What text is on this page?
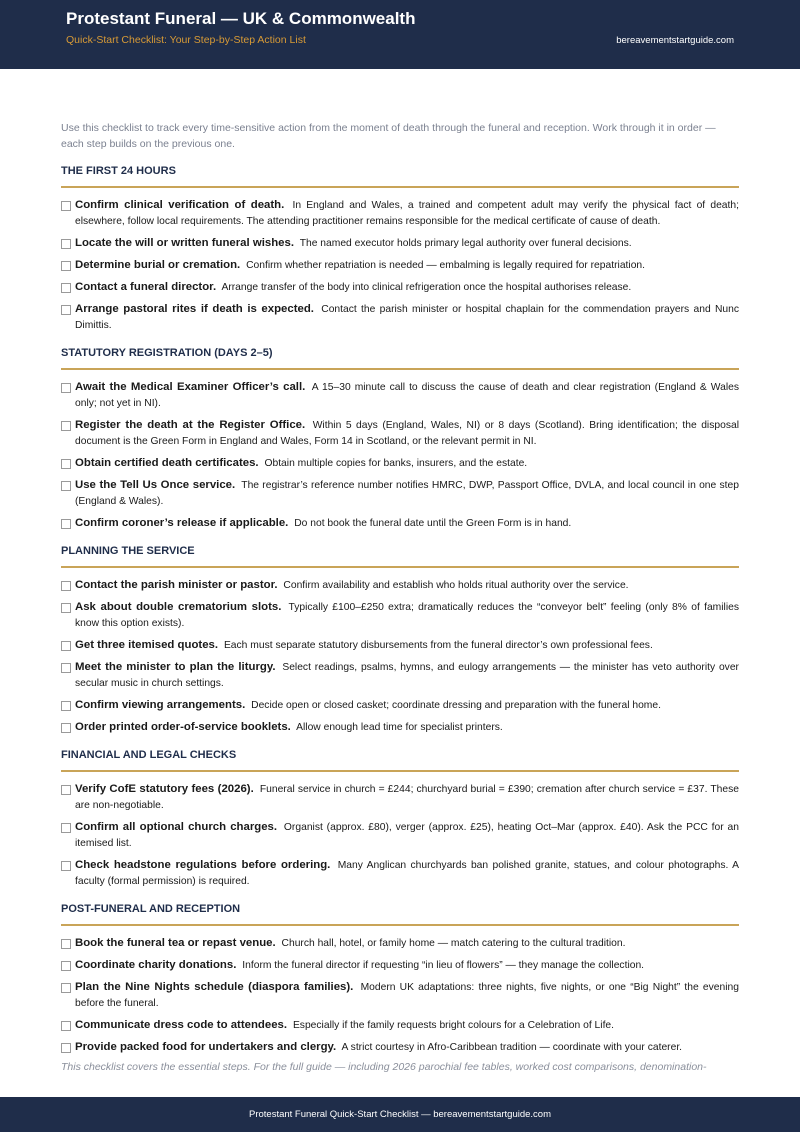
Protestant Funeral — UK & Commonwealth
Quick-Start Checklist: Your Step-by-Step Action List	bereavementstartguide.com

Use this checklist to track every time-sensitive action from the moment of death through the funeral and reception. Work through it in order — each step builds on the previous one.

THE FIRST 24 HOURS
Confirm clinical verification of death. In England and Wales, a trained and competent adult may verify the physical fact of death; elsewhere, follow local requirements. The attending practitioner remains responsible for the medical certificate of cause of death.
Locate the will or written funeral wishes. The named executor holds primary legal authority over funeral decisions.
Determine burial or cremation. Confirm whether repatriation is needed — embalming is legally required for repatriation.
Contact a funeral director. Arrange transfer of the body into clinical refrigeration once the hospital authorises release.
Arrange pastoral rites if death is expected. Contact the parish minister or hospital chaplain for the commendation prayers and Nunc Dimittis.
STATUTORY REGISTRATION (DAYS 2–5)
Await the Medical Examiner Officer’s call. A 15–30 minute call to discuss the cause of death and clear registration (England & Wales only; not yet in NI).
Register the death at the Register Office. Within 5 days (England, Wales, NI) or 8 days (Scotland). Bring identification; the disposal document is the Green Form in England and Wales, Form 14 in Scotland, or the relevant permit in NI.
Obtain certified death certificates. Obtain multiple copies for banks, insurers, and the estate.
Use the Tell Us Once service. The registrar’s reference number notifies HMRC, DWP, Passport Office, DVLA, and local council in one step (England & Wales).
Confirm coroner’s release if applicable. Do not book the funeral date until the Green Form is in hand.
PLANNING THE SERVICE
Contact the parish minister or pastor. Confirm availability and establish who holds ritual authority over the service.
Ask about double crematorium slots. Typically £100–£250 extra; dramatically reduces the “conveyor belt” feeling (only 8% of families know this option exists).
Get three itemised quotes. Each must separate statutory disbursements from the funeral director’s own professional fees.
Meet the minister to plan the liturgy. Select readings, psalms, hymns, and eulogy arrangements — the minister has veto authority over secular music in church settings.
Confirm viewing arrangements. Decide open or closed casket; coordinate dressing and preparation with the funeral home.
Order printed order-of-service booklets. Allow enough lead time for specialist printers.
FINANCIAL AND LEGAL CHECKS
Verify CofE statutory fees (2026). Funeral service in church = £244; churchyard burial = £390; cremation after church service = £37. These are non-negotiable.
Confirm all optional church charges. Organist (approx. £80), verger (approx. £25), heating Oct–Mar (approx. £40). Ask the PCC for an itemised list.
Check headstone regulations before ordering. Many Anglican churchyards ban polished granite, statues, and colour photographs. A faculty (formal permission) is required.
POST-FUNERAL AND RECEPTION
Book the funeral tea or repast venue. Church hall, hotel, or family home — match catering to the cultural tradition.
Coordinate charity donations. Inform the funeral director if requesting “in lieu of flowers” — they manage the collection.
Plan the Nine Nights schedule (diaspora families). Modern UK adaptations: three nights, five nights, or one “Big Night” the evening before the funeral.
Communicate dress code to attendees. Especially if the family requests bright colours for a Celebration of Life.
Provide packed food for undertakers and clergy. A strict courtesy in Afro-Caribbean tradition — coordinate with your caterer.
This checklist covers the essential steps. For the full guide — including 2026 parochial fee tables, worked cost comparisons, denomination-
Protestant Funeral Quick-Start Checklist — bereavementstartguide.com
